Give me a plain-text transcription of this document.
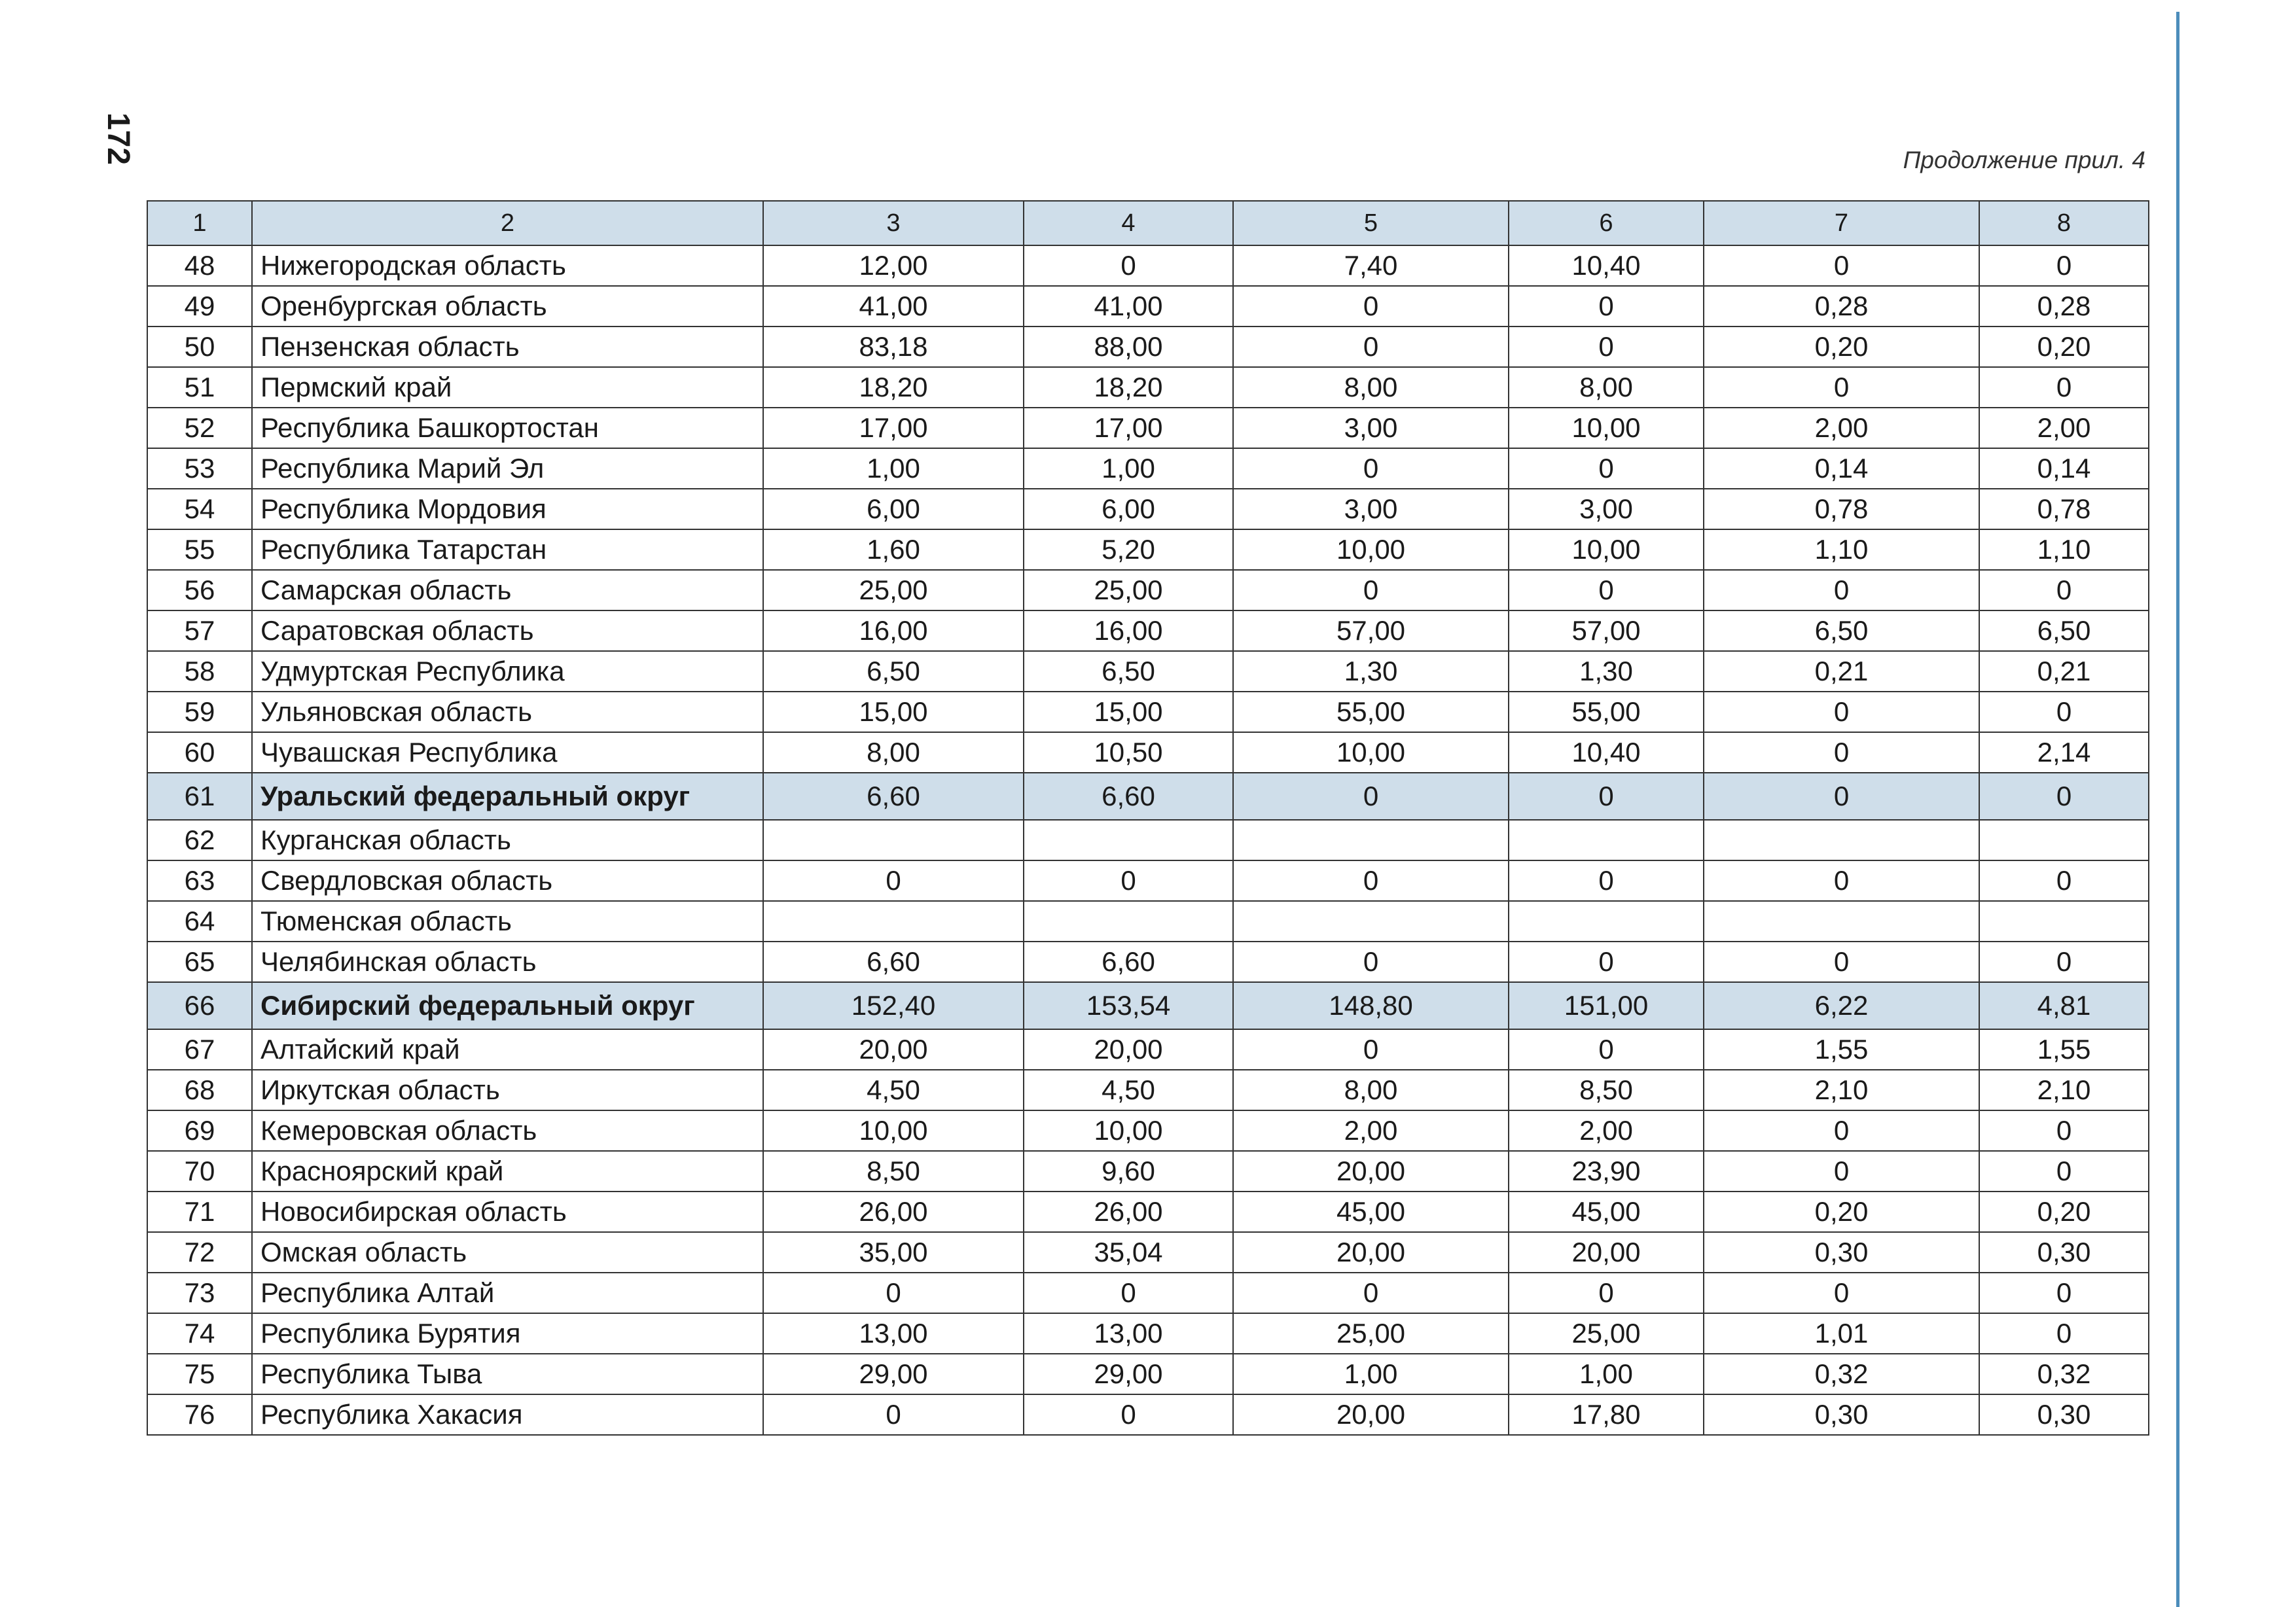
172	Продолжение прил. 4
1	2	3	4	5	6	7	8
48	Нижегородская область	12,00	0	7,40	10,40	0	0
49	Оренбургская область	41,00	41,00	0	0	0,28	0,28
50	Пензенская область	83,18	88,00	0	0	0,20	0,20
51	Пермский край	18,20	18,20	8,00	8,00	0	0
52	Республика Башкортостан	17,00	17,00	3,00	10,00	2,00	2,00
53	Республика Марий Эл	1,00	1,00	0	0	0,14	0,14
54	Республика Мордовия	6,00	6,00	3,00	3,00	0,78	0,78
55	Республика Татарстан	1,60	5,20	10,00	10,00	1,10	1,10
56	Самарская область	25,00	25,00	0	0	0	0
57	Саратовская область	16,00	16,00	57,00	57,00	6,50	6,50
58	Удмуртская Республика	6,50	6,50	1,30	1,30	0,21	0,21
59	Ульяновская область	15,00	15,00	55,00	55,00	0	0
60	Чувашская Республика	8,00	10,50	10,00	10,40	0	2,14
61	Уральский федеральный округ	6,60	6,60	0	0	0	0
62	Курганская область						
63	Свердловская область	0	0	0	0	0	0
64	Тюменская область						
65	Челябинская область	6,60	6,60	0	0	0	0
66	Сибирский федеральный округ	152,40	153,54	148,80	151,00	6,22	4,81
67	Алтайский край	20,00	20,00	0	0	1,55	1,55
68	Иркутская область	4,50	4,50	8,00	8,50	2,10	2,10
69	Кемеровская область	10,00	10,00	2,00	2,00	0	0
70	Красноярский край	8,50	9,60	20,00	23,90	0	0
71	Новосибирская область	26,00	26,00	45,00	45,00	0,20	0,20
72	Омская область	35,00	35,04	20,00	20,00	0,30	0,30
73	Республика Алтай	0	0	0	0	0	0
74	Республика Бурятия	13,00	13,00	25,00	25,00	1,01	0
75	Республика Тыва	29,00	29,00	1,00	1,00	0,32	0,32
76	Республика Хакасия	0	0	20,00	17,80	0,30	0,30
